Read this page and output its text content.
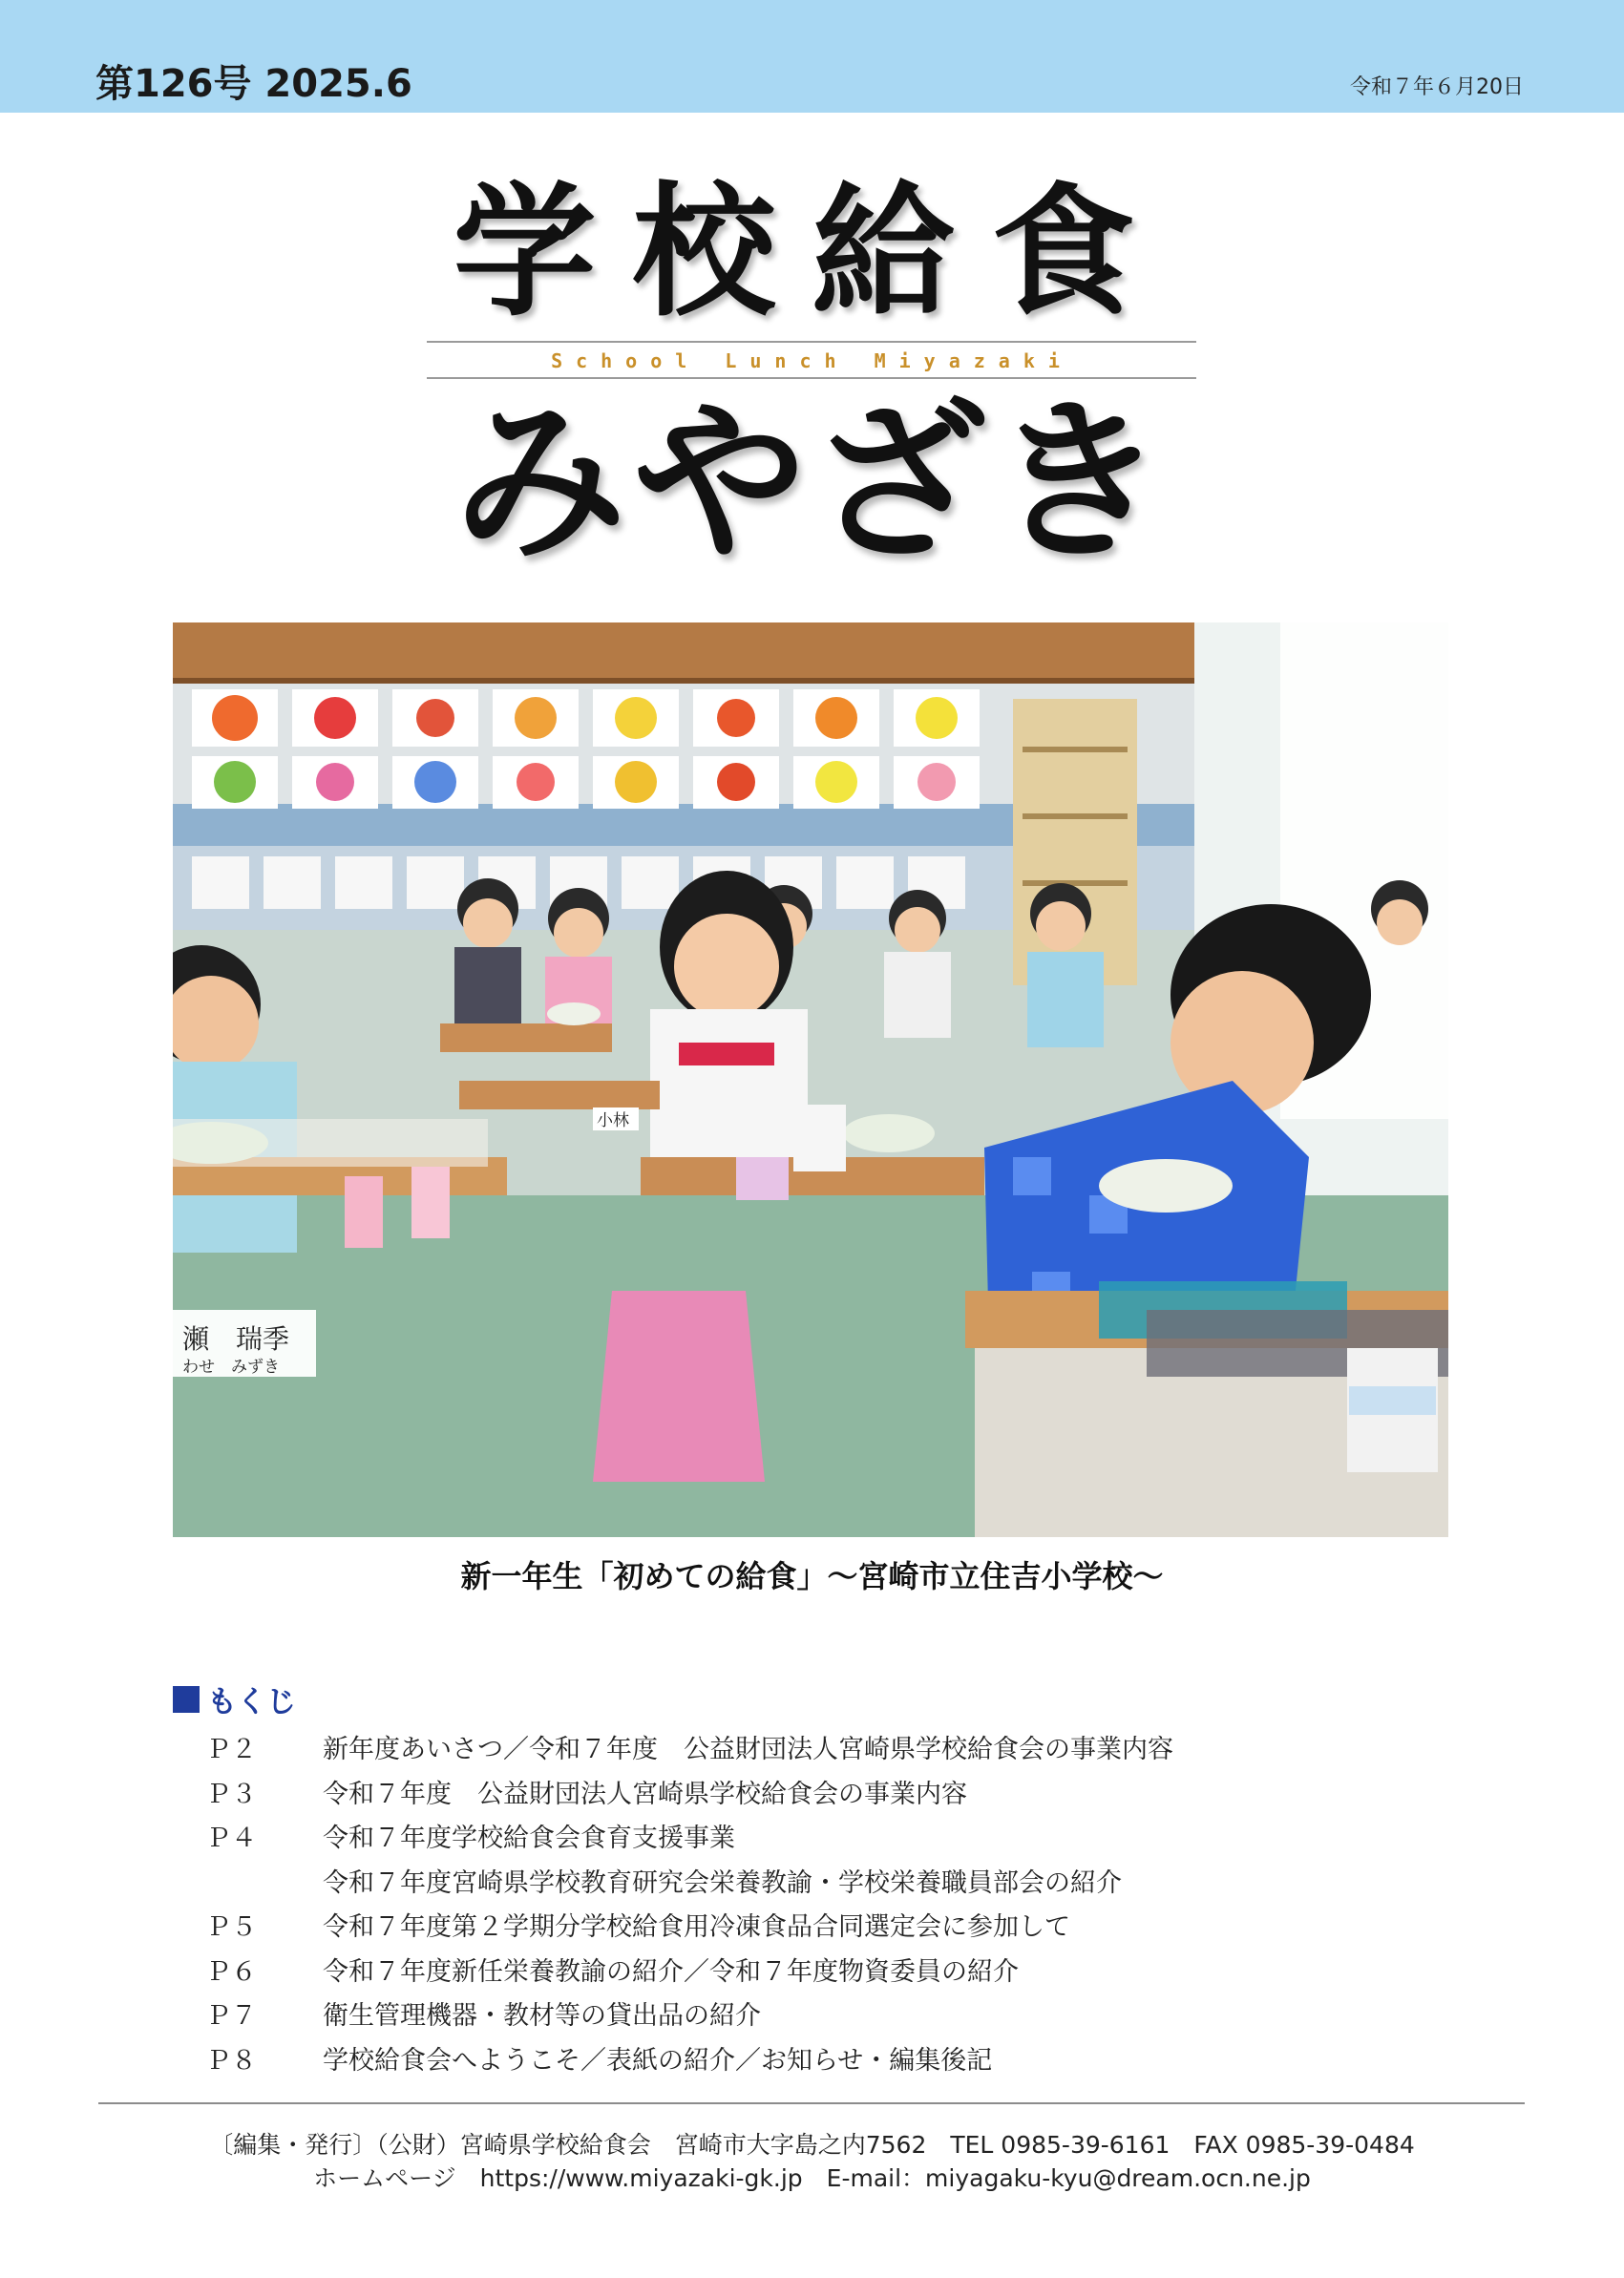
第126号 2025.6	令和７年６月20日
学校給食
School Lunch Miyazaki
みやざき
瀬　瑞季
わせ　みずき
小林
新一年生「初めての給食」～宮崎市立住吉小学校～
もくじ
Ｐ２	新年度あいさつ／令和７年度　公益財団法人宮崎県学校給食会の事業内容
Ｐ３	令和７年度　公益財団法人宮崎県学校給食会の事業内容
Ｐ４	令和７年度学校給食会食育支援事業
令和７年度宮崎県学校教育研究会栄養教諭・学校栄養職員部会の紹介
Ｐ５	令和７年度第２学期分学校給食用冷凍食品合同選定会に参加して
Ｐ６	令和７年度新任栄養教諭の紹介／令和７年度物資委員の紹介
Ｐ７	衛生管理機器・教材等の貸出品の紹介
Ｐ８	学校給食会へようこそ／表紙の紹介／お知らせ・編集後記
〔編集・発行〕（公財）宮崎県学校給食会　宮崎市大字島之内7562　TEL 0985-39-6161　FAX 0985-39-0484
ホームページ　https://www.miyazaki-gk.jp　E-mail：miyagaku-kyu@dream.ocn.ne.jp
